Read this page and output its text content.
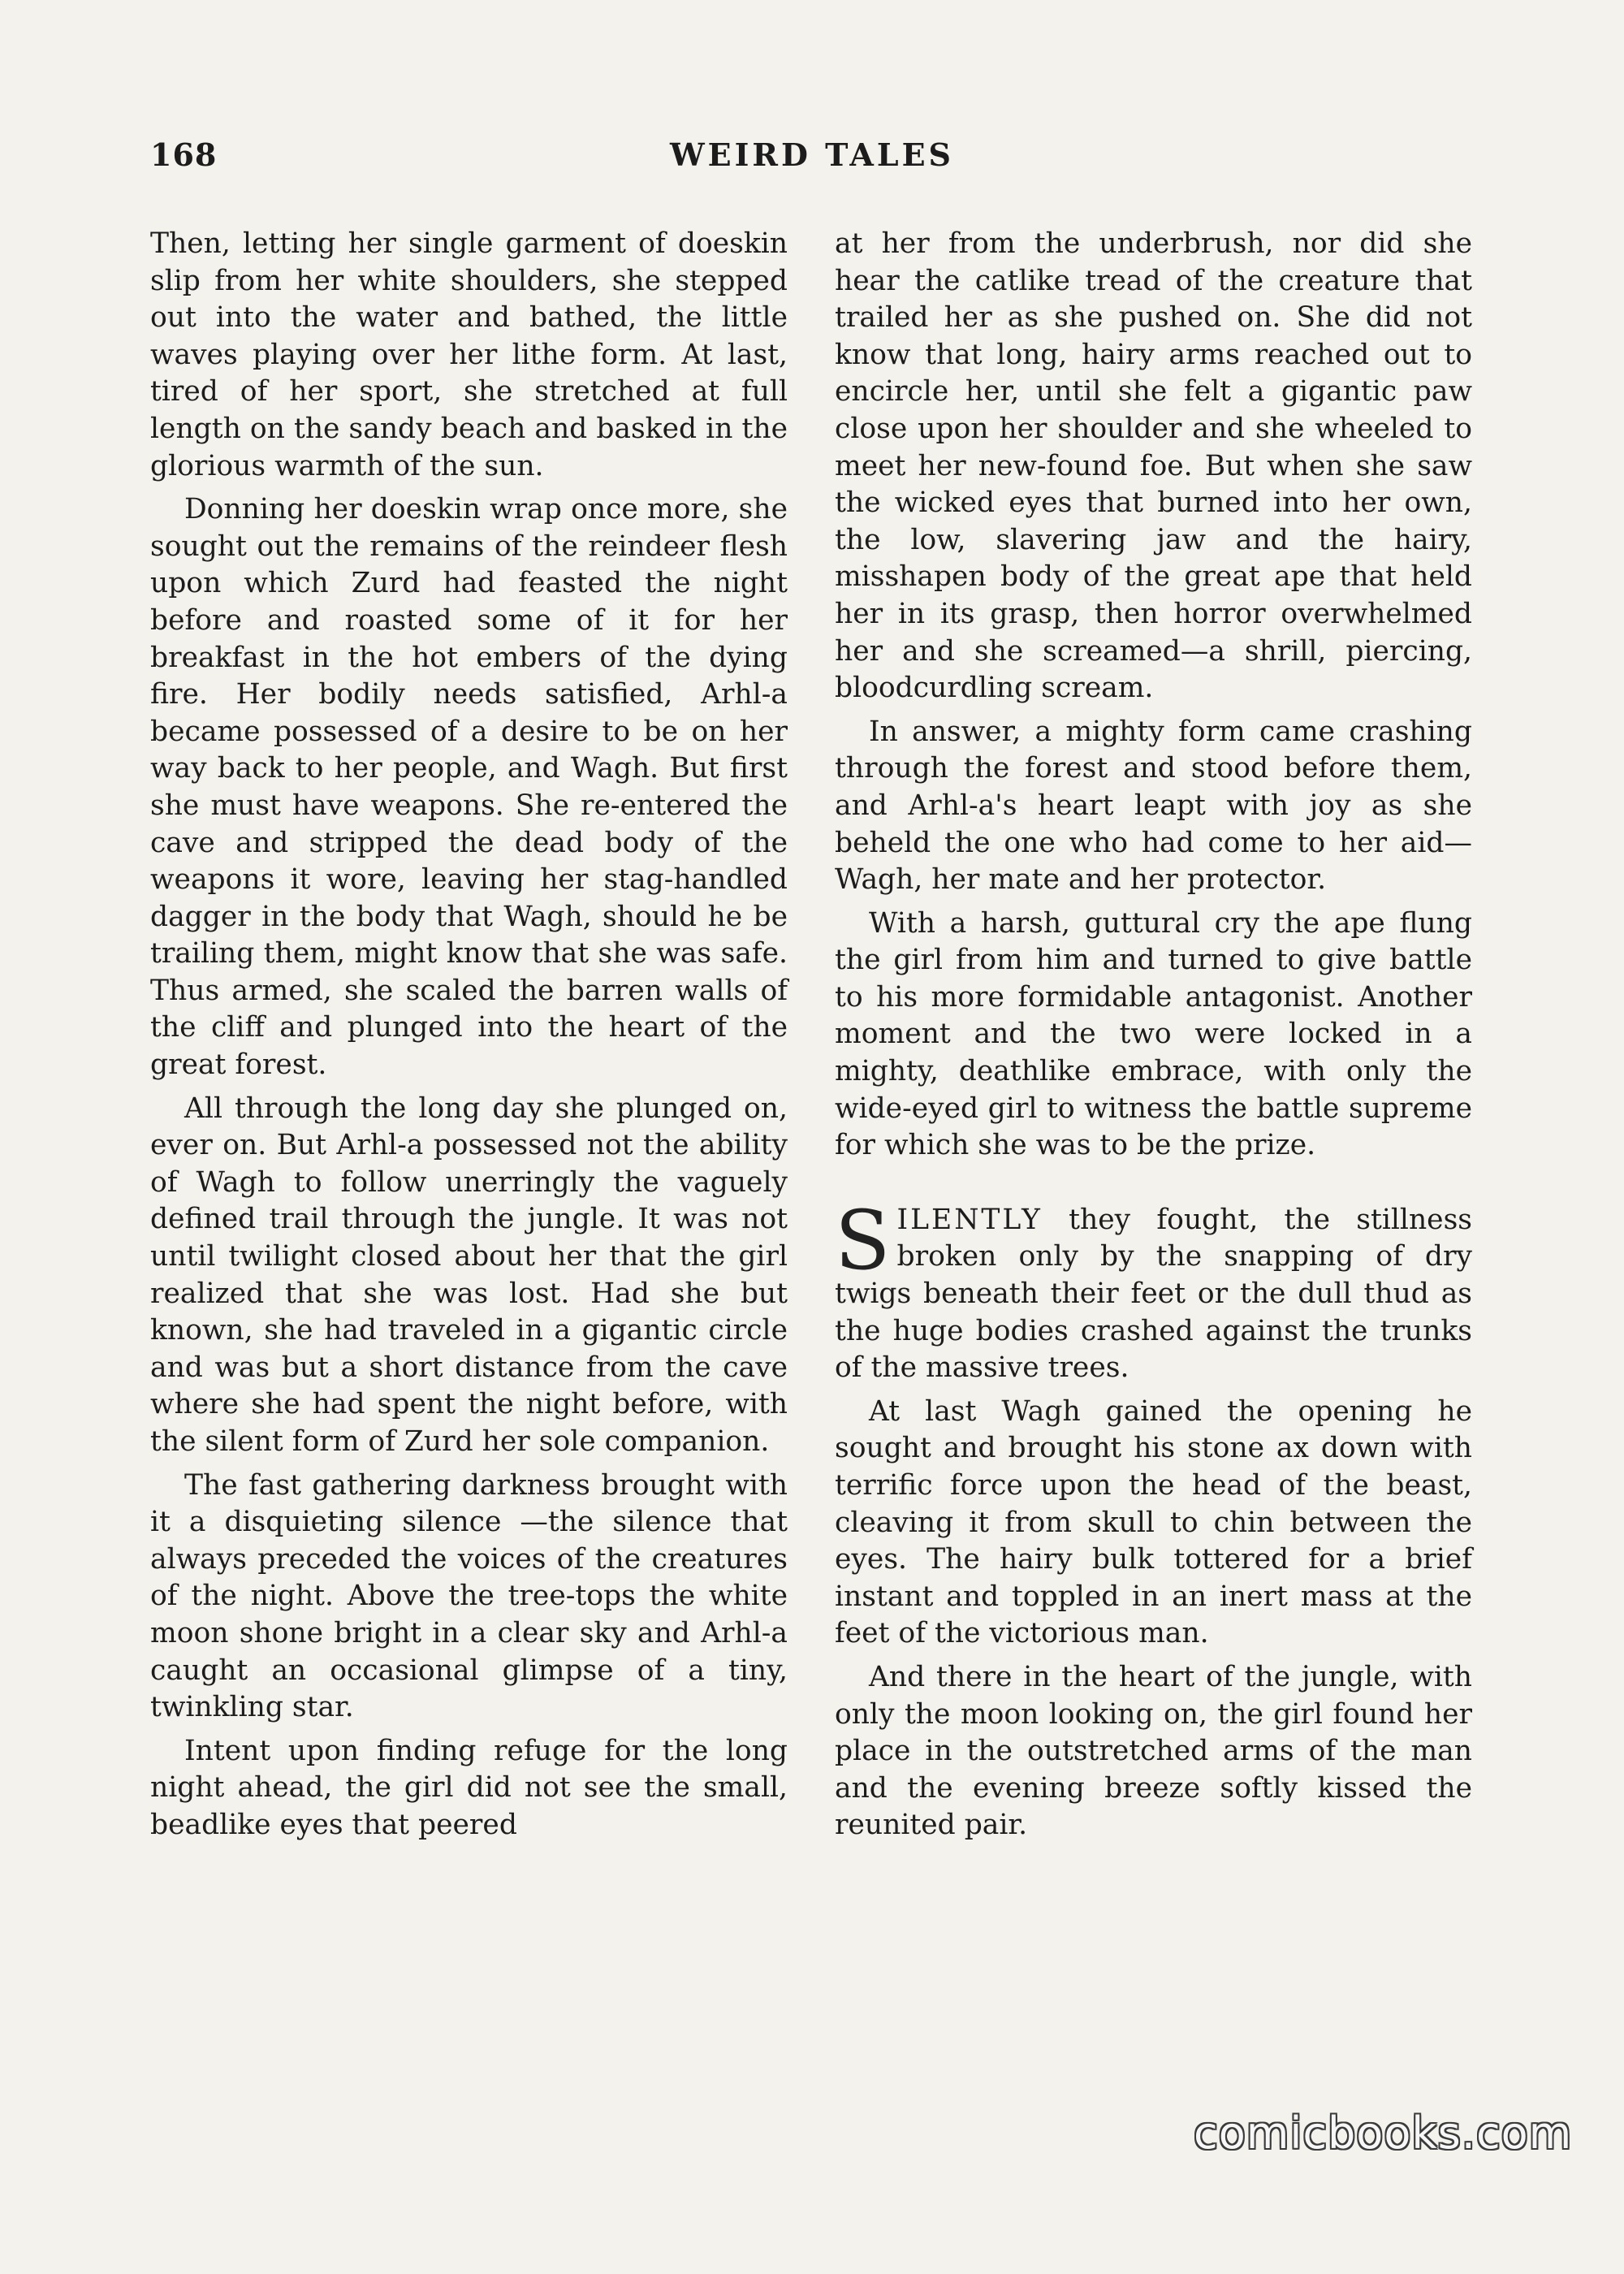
168	WEIRD TALES

Then, letting her single garment of doeskin slip from her white shoulders, she stepped out into the water and bathed, the little waves playing over her lithe form. At last, tired of her sport, she stretched at full length on the sandy beach and basked in the glorious warmth of the sun.

Donning her doeskin wrap once more, she sought out the remains of the reindeer flesh upon which Zurd had feasted the night before and roasted some of it for her breakfast in the hot embers of the dying fire. Her bodily needs satisfied, Arhl-a became possessed of a desire to be on her way back to her people, and Wagh. But first she must have weapons. She re-entered the cave and stripped the dead body of the weapons it wore, leaving her stag-handled dagger in the body that Wagh, should he be trailing them, might know that she was safe. Thus armed, she scaled the barren walls of the cliff and plunged into the heart of the great forest.

All through the long day she plunged on, ever on. But Arhl-a possessed not the ability of Wagh to follow unerringly the vaguely defined trail through the jungle. It was not until twilight closed about her that the girl realized that she was lost. Had she but known, she had traveled in a gigantic circle and was but a short distance from the cave where she had spent the night before, with the silent form of Zurd her sole companion.

The fast gathering darkness brought with it a disquieting silence —the silence that always preceded the voices of the creatures of the night. Above the tree-tops the white moon shone bright in a clear sky and Arhl-a caught an occasional glimpse of a tiny, twinkling star.

Intent upon finding refuge for the long night ahead, the girl did not see the small, beadlike eyes that peered

at her from the underbrush, nor did she hear the catlike tread of the creature that trailed her as she pushed on. She did not know that long, hairy arms reached out to encircle her, until she felt a gigantic paw close upon her shoulder and she wheeled to meet her new-found foe. But when she saw the wicked eyes that burned into her own, the low, slavering jaw and the hairy, misshapen body of the great ape that held her in its grasp, then horror overwhelmed her and she screamed—a shrill, piercing, bloodcurdling scream.

In answer, a mighty form came crashing through the forest and stood before them, and Arhl-a's heart leapt with joy as she beheld the one who had come to her aid—Wagh, her mate and her protector.

With a harsh, guttural cry the ape flung the girl from him and turned to give battle to his more formidable antagonist. Another moment and the two were locked in a mighty, deathlike embrace, with only the wide-eyed girl to witness the battle supreme for which she was to be the prize.

SILENTLY they fought, the stillness broken only by the snapping of dry twigs beneath their feet or the dull thud as the huge bodies crashed against the trunks of the massive trees.

At last Wagh gained the opening he sought and brought his stone ax down with terrific force upon the head of the beast, cleaving it from skull to chin between the eyes. The hairy bulk tottered for a brief instant and toppled in an inert mass at the feet of the victorious man.

And there in the heart of the jungle, with only the moon looking on, the girl found her place in the outstretched arms of the man and the evening breeze softly kissed the reunited pair.

comicbooks.com
